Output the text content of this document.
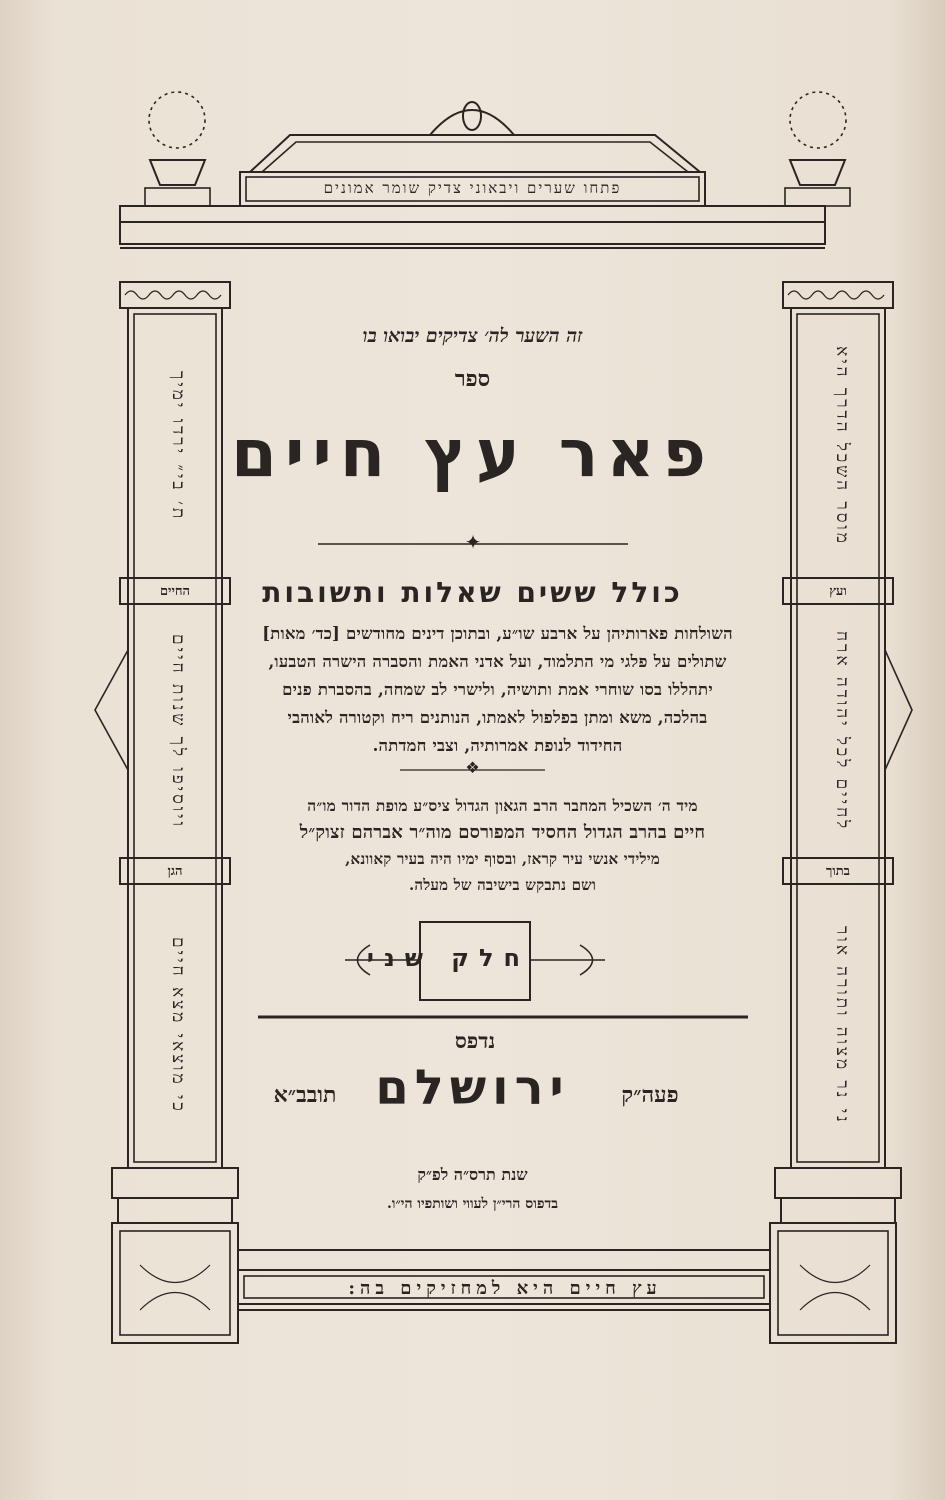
פתחו שערים ויבאוני צדיק שומר אמונים
זה השער לה׳ צדיקים יבואו בו
ספר
פאר עץ חיים
✦
כולל ששים שאלות ותשובות
השולחות פארותיהן על ארבע שו״ע, ובתוכן דינים מחודשים [כד׳ מאות]
שתולים על פלגי מי התלמוד, ועל אדני האמת והסברה הישרה הטבעו,
יתהללו בסו שוחרי אמת ותושיה, ולישרי לב שמחה, בהסברת פנים
בהלכה, משא ומתן בפלפול לאמתו, הנותנים ריח וקטורה לאוהבי
החידוד לנופת אמרותיה, וצבי חמדתה.
❖
מיד ה׳ השכיל המחבר הרב הגאון הגדול ציס״ע מופת הדור מו״ה
חיים בהרב הגדול החסיד המפורסם מוה״ר אברהם זצוק״ל
מילידי אנשי עיר קראז, ובסוף ימיו היה בעיר קאוונא,
ושם נתבקש בישיבה של מעלה.
חלק שני
נדפס
ירושלם
תובב״א	פעה״ק
שנת תרס״ה לפ״ק
בדפוס הרי״ן לעווי ושותפיו הי״ו.
עץ חיים היא למחזיקים בה:
ת׳ בי״ ירדו ימיך
החיים
ויוסיפו לך שנות חיים
הגן
כי מוצאי מצא חיים
מוסר השכל הדרך היא
ועץ
לחיים לכל יהודה ארח
בתוך
ני נר מצוה ותורה אור
